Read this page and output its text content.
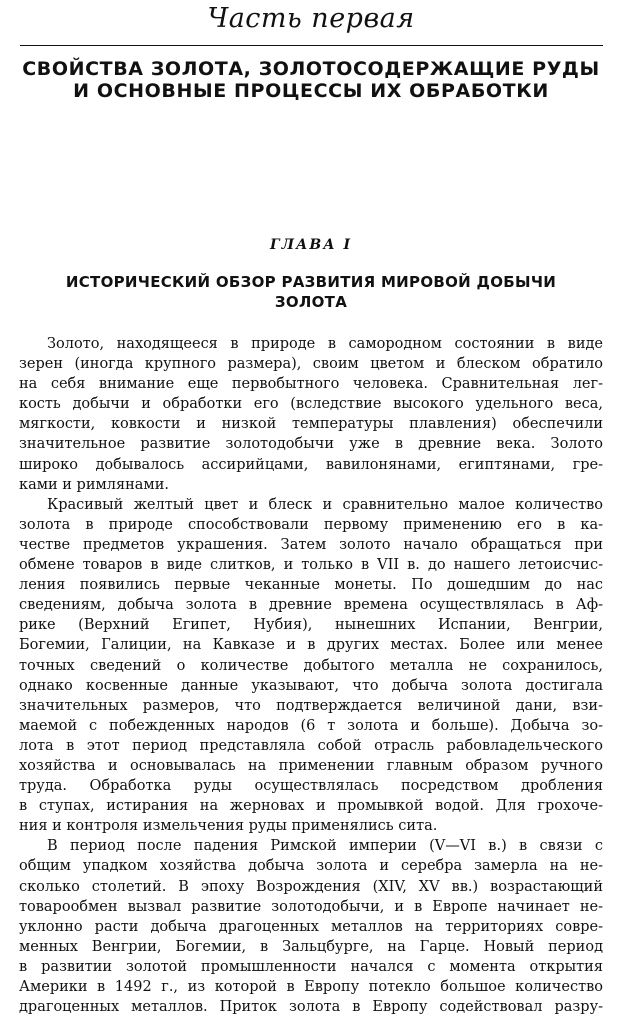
Часть первая
СВОЙСТВА ЗОЛОТА, ЗОЛОТОСОДЕРЖАЩИЕ РУДЫ
И ОСНОВНЫЕ ПРОЦЕССЫ ИХ ОБРАБОТКИ
ГЛАВА I
ИСТОРИЧЕСКИЙ ОБЗОР РАЗВИТИЯ МИРОВОЙ ДОБЫЧИ
ЗОЛОТА
Золото, находящееся в природе в самородном состоянии в виде
зерен (иногда крупного размера), своим цветом и блеском обратило
на себя внимание еще первобытного человека. Сравнительная лег-
кость добычи и обработки его (вследствие высокого удельного веса,
мягкости, ковкости и низкой температуры плавления) обеспечили
значительное развитие золотодобычи уже в древние века. Золото
широко добывалось ассирийцами, вавилонянами, египтянами, гре-
ками и римлянами.
Красивый желтый цвет и блеск и сравнительно малое количество
золота в природе способствовали первому применению его в ка-
честве предметов украшения. Затем золото начало обращаться при
обмене товаров в виде слитков, и только в VII в. до нашего летоисчис-
ления появились первые чеканные монеты. По дошедшим до нас
сведениям, добыча золота в древние времена осуществлялась в Аф-
рике (Верхний Египет, Нубия), нынешних Испании, Венгрии,
Богемии, Галиции, на Кавказе и в других местах. Более или менее
точных сведений о количестве добытого металла не сохранилось,
однако косвенные данные указывают, что добыча золота достигала
значительных размеров, что подтверждается величиной дани, взи-
маемой с побежденных народов (6 т золота и больше). Добыча зо-
лота в этот период представляла собой отрасль рабовладельческого
хозяйства и основывалась на применении главным образом ручного
труда. Обработка руды осуществлялась посредством дробления
в ступах, истирания на жерновах и промывкой водой. Для грохоче-
ния и контроля измельчения руды применялись сита.
В период после падения Римской империи (V—VI в.) в связи с
общим упадком хозяйства добыча золота и серебра замерла на не-
сколько столетий. В эпоху Возрождения (XIV, XV вв.) возрастающий
товарообмен вызвал развитие золотодобычи, и в Европе начинает не-
уклонно расти добыча драгоценных металлов на территориях совре-
менных Венгрии, Богемии, в Зальцбурге, на Гарце. Новый период
в развитии золотой промышленности начался с момента открытия
Америки в 1492 г., из которой в Европу потекло большое количество
драгоценных металлов. Приток золота в Европу содействовал разру-
